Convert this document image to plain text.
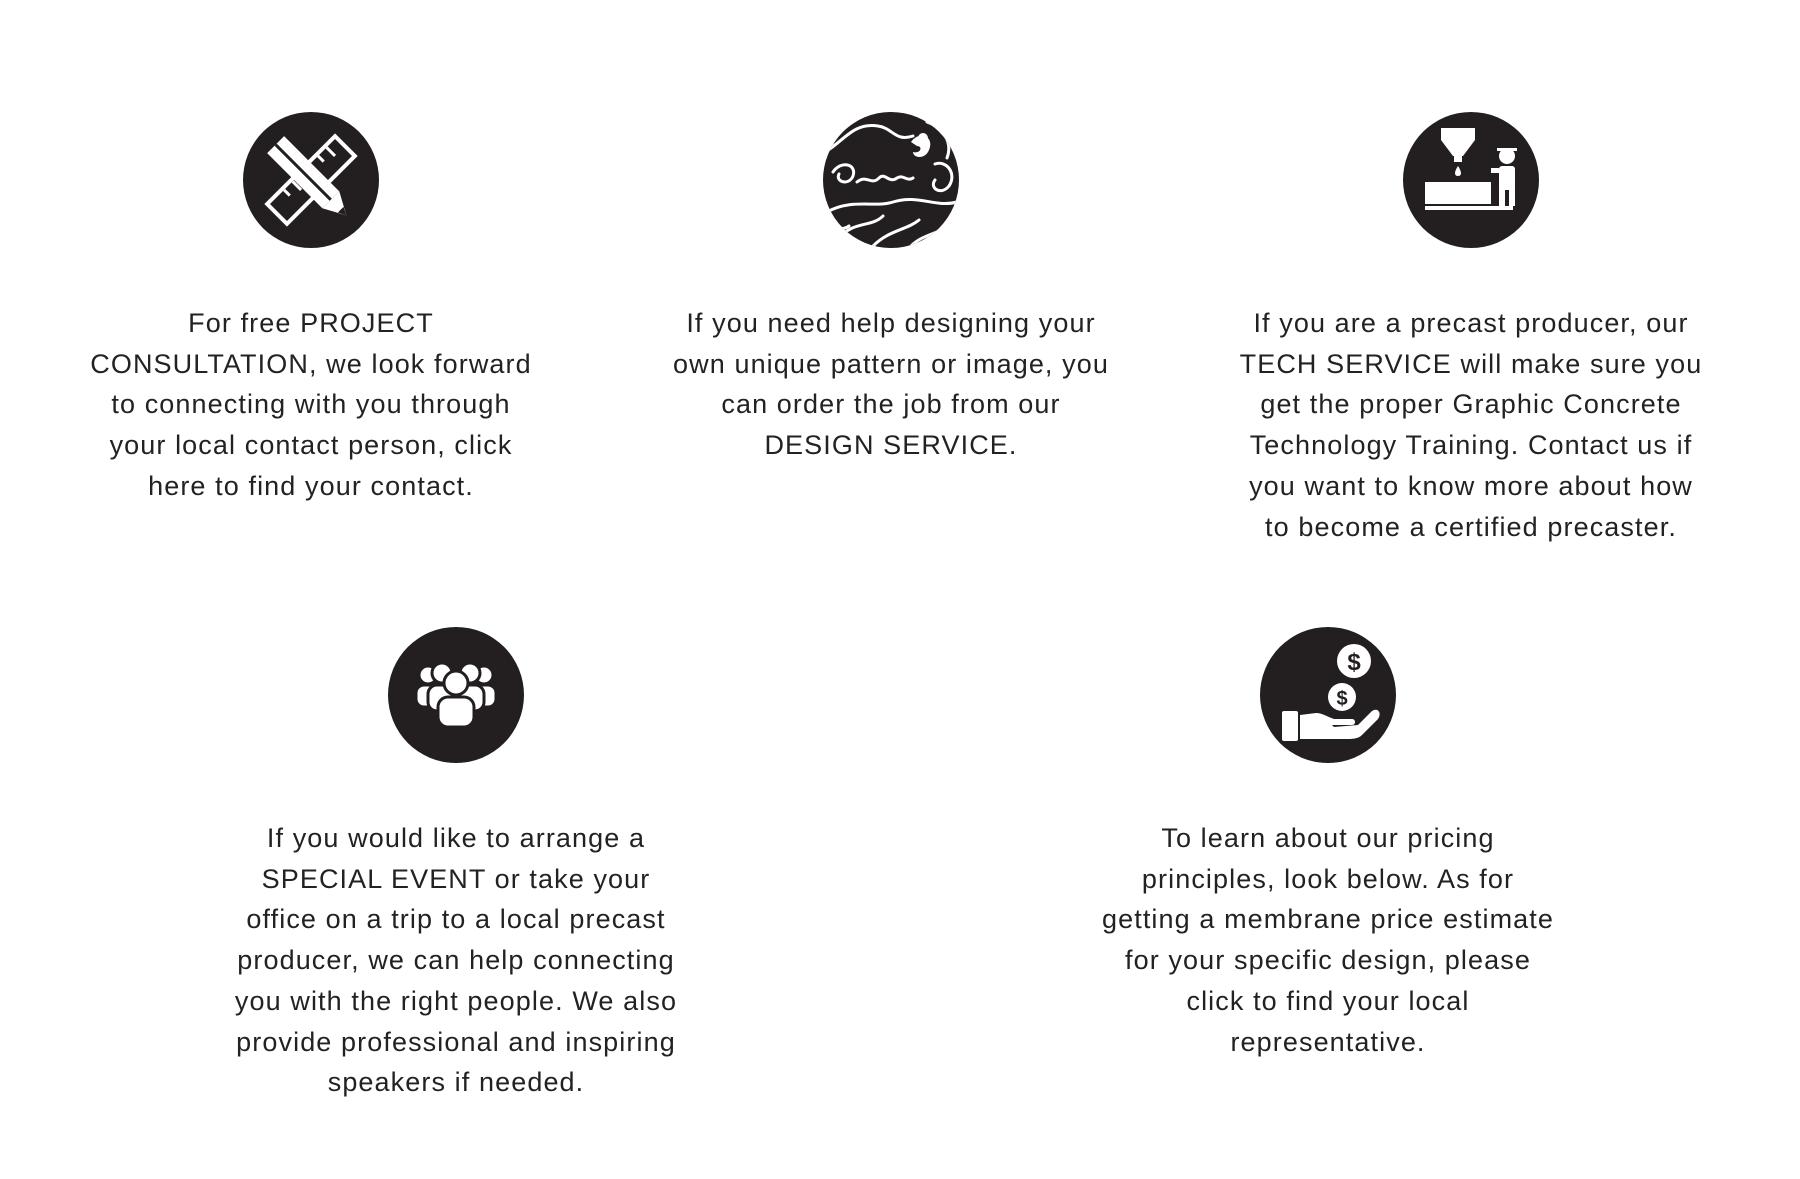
For free PROJECT
CONSULTATION, we look forward
to connecting with you through
your local contact person, click
here to find your contact.
If you need help designing your
own unique pattern or image, you
can order the job from our
DESIGN SERVICE.
If you are a precast producer, our
TECH SERVICE will make sure you
get the proper Graphic Concrete
Technology Training. Contact us if
you want to know more about how
to become a certified precaster.
If you would like to arrange a
SPECIAL EVENT or take your
office on a trip to a local precast
producer, we can help connecting
you with the right people. We also
provide professional and inspiring
speakers if needed.
$
$
To learn about our pricing
principles, look below. As for
getting a membrane price estimate
for your specific design, please
click to find your local
representative.
